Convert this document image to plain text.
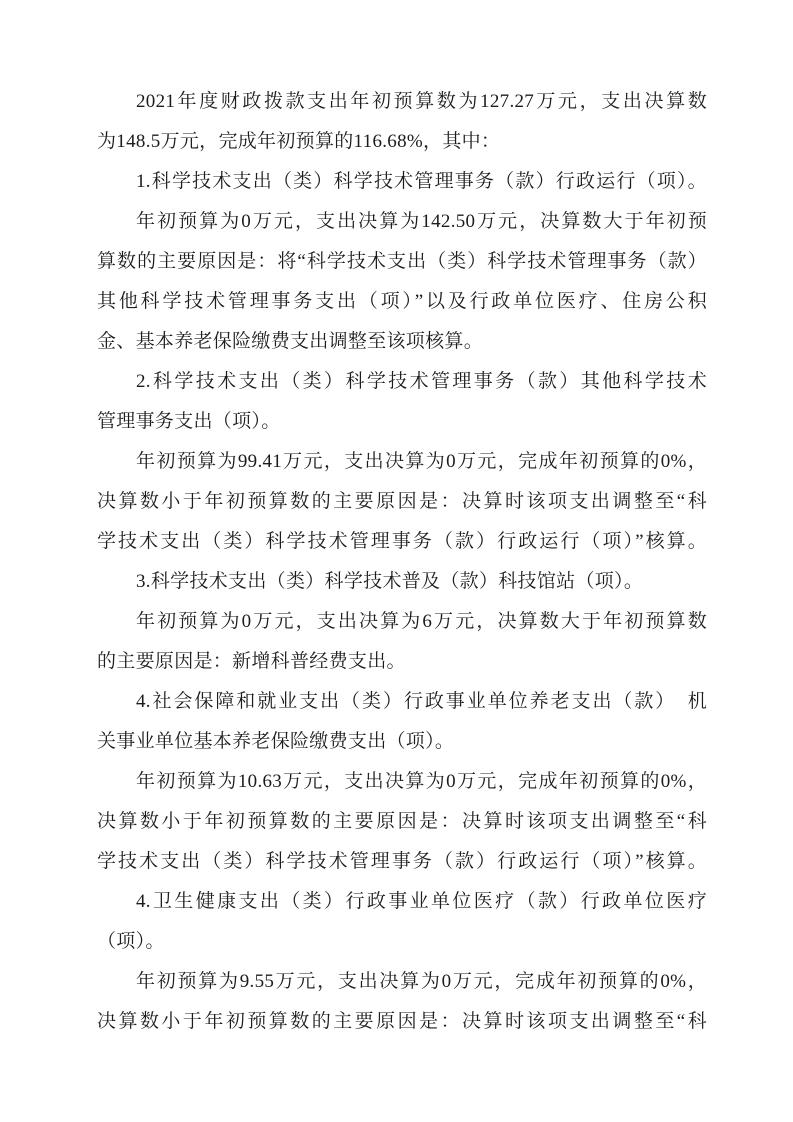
2021年度财政拨款支出年初预算数为127.27万元，支出决算数
为148.5万元，完成年初预算的116.68%，其中：
1.科学技术支出（类）科学技术管理事务（款）行政运行（项）。
年初预算为0万元，支出决算为142.50万元，决算数大于年初预
算数的主要原因是：将“科学技术支出（类）科学技术管理事务（款）
其他科学技术管理事务支出（项）”以及行政单位医疗、住房公积
金、基本养老保险缴费支出调整至该项核算。
2.科学技术支出（类）科学技术管理事务（款）其他科学技术
管理事务支出（项）。
年初预算为99.41万元，支出决算为0万元，完成年初预算的0%，
决算数小于年初预算数的主要原因是：决算时该项支出调整至“科
学技术支出（类）科学技术管理事务（款）行政运行（项）”核算。
3.科学技术支出（类）科学技术普及（款）科技馆站（项）。
年初预算为0万元，支出决算为6万元，决算数大于年初预算数
的主要原因是：新增科普经费支出。
4.社会保障和就业支出（类）行政事业单位养老支出（款）　机
关事业单位基本养老保险缴费支出（项）。
年初预算为10.63万元，支出决算为0万元，完成年初预算的0%，
决算数小于年初预算数的主要原因是：决算时该项支出调整至“科
学技术支出（类）科学技术管理事务（款）行政运行（项）”核算。
4.卫生健康支出（类）行政事业单位医疗（款）行政单位医疗
（项）。
年初预算为9.55万元，支出决算为0万元，完成年初预算的0%，
决算数小于年初预算数的主要原因是：决算时该项支出调整至“科
